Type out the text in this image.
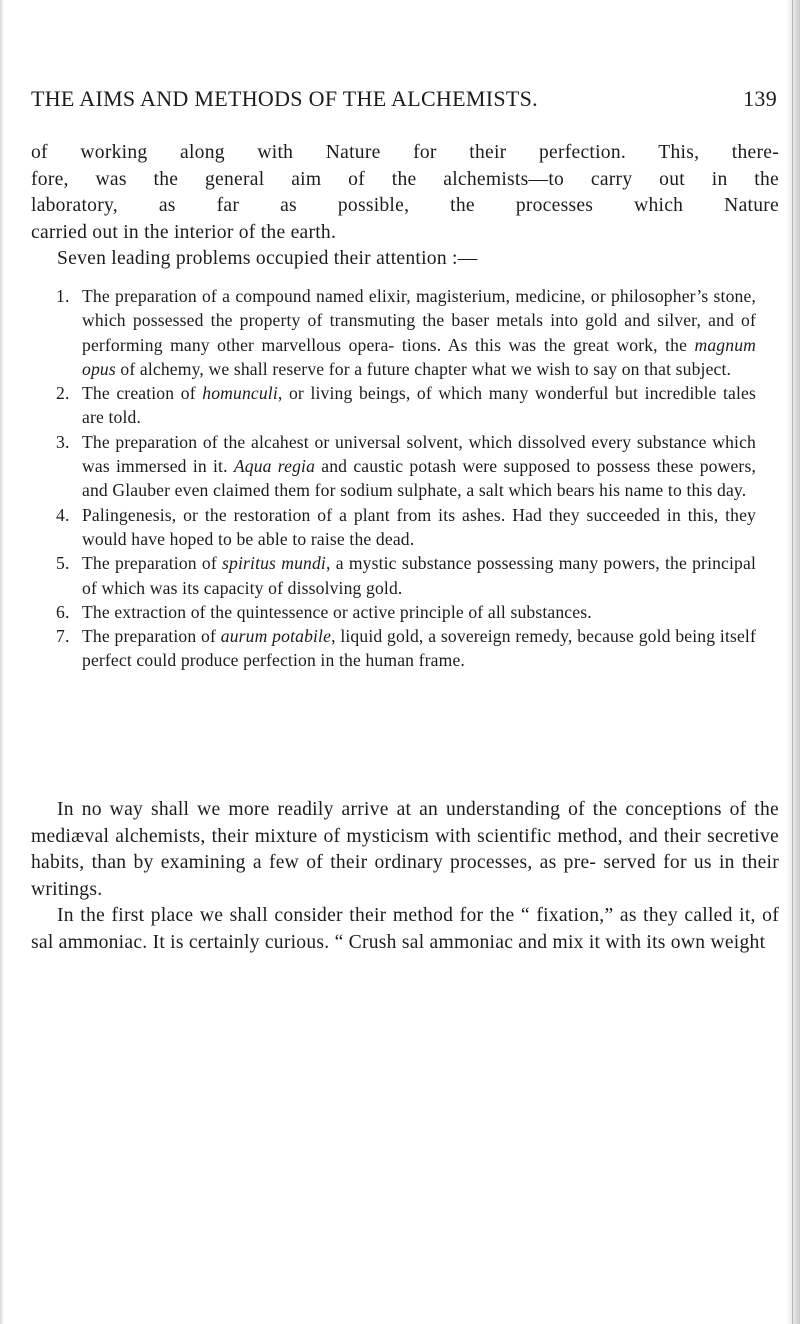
THE AIMS AND METHODS OF THE ALCHEMISTS.	139

of working along with Nature for their perfection. This, there-

fore, was the general aim of the alchemists—to carry out in the

laboratory, as far as possible, the processes which Nature

carried out in the interior of the earth.

Seven leading problems occupied their attention :—

1. The preparation of a compound named elixir, magisterium, medicine, or philosopher’s stone, which possessed the property of transmuting the baser metals into gold and silver, and of performing many other marvellous opera- tions. As this was the great work, the magnum opus of alchemy, we shall reserve for a future chapter what we wish to say on that subject.
2. The creation of homunculi, or living beings, of which many wonderful but incredible tales are told.
3. The preparation of the alcahest or universal solvent, which dissolved every substance which was immersed in it. Aqua regia and caustic potash were supposed to possess these powers, and Glauber even claimed them for sodium sulphate, a salt which bears his name to this day.
4. Palingenesis, or the restoration of a plant from its ashes. Had they succeeded in this, they would have hoped to be able to raise the dead.
5. The preparation of spiritus mundi, a mystic substance possessing many powers, the principal of which was its capacity of dissolving gold.
6. The extraction of the quintessence or active principle of all substances.
7. The preparation of aurum potabile, liquid gold, a sovereign remedy, because gold being itself perfect could produce perfection in the human frame.

In no way shall we more readily arrive at an understanding of the conceptions of the mediæval alchemists, their mixture of mysticism with scientific method, and their secretive habits, than by examining a few of their ordinary processes, as pre- served for us in their writings.

In the first place we shall consider their method for the “ fixation,” as they called it, of sal ammoniac. It is certainly curious. “ Crush sal ammoniac and mix it with its own weight
